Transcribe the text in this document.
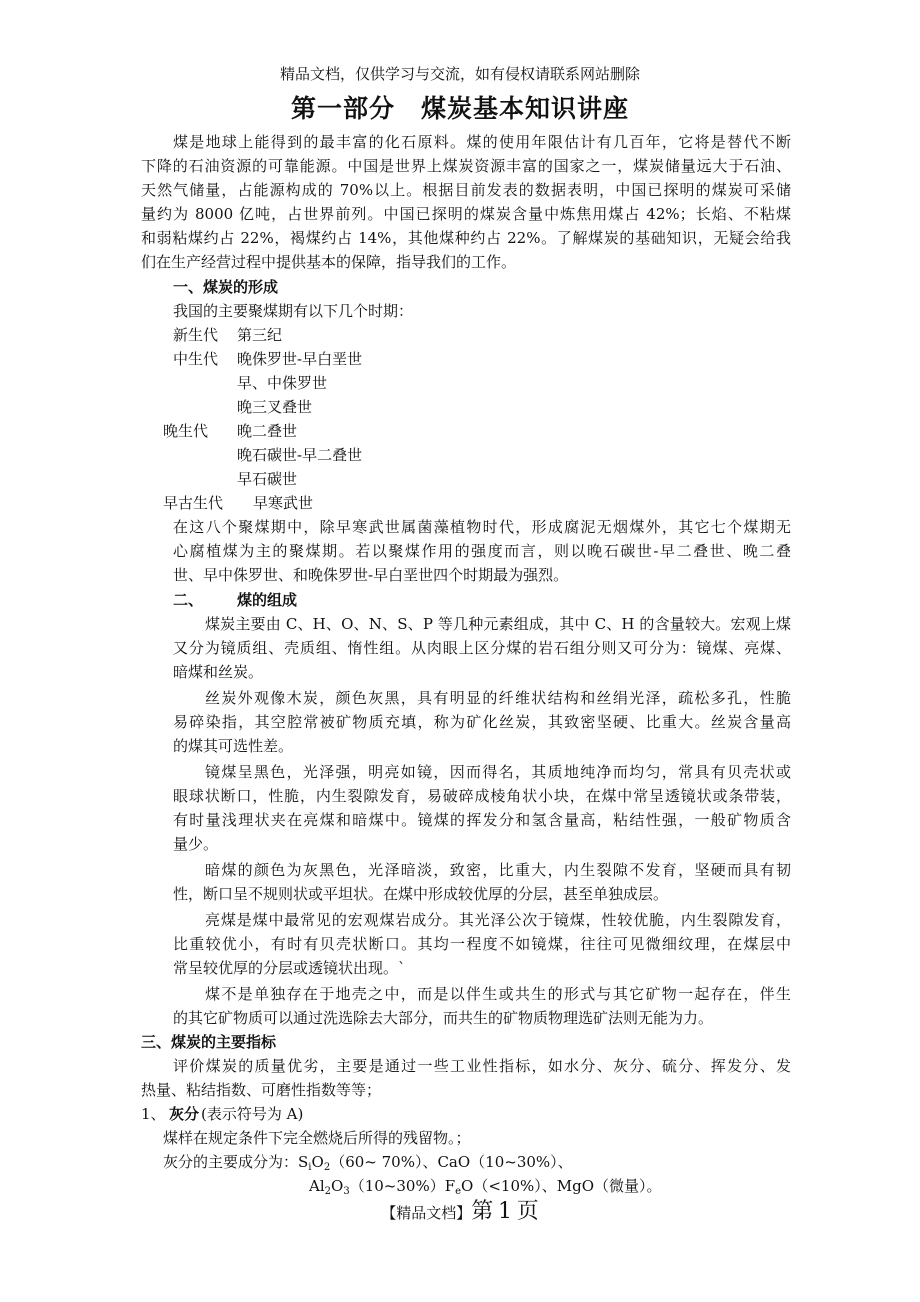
精品文档，仅供学习与交流，如有侵权请联系网站删除
第一部分　煤炭基本知识讲座
煤是地球上能得到的最丰富的化石原料。煤的使用年限估计有几百年，它将是替代不断
下降的石油资源的可靠能源。中国是世界上煤炭资源丰富的国家之一，煤炭储量远大于石油、
天然气储量，占能源构成的 70%以上。根据目前发表的数据表明，中国已探明的煤炭可采储
量约为 8000 亿吨，占世界前列。中国已探明的煤炭含量中炼焦用煤占 42%；长焰、不粘煤
和弱粘煤约占 22%，褐煤约占 14%，其他煤种约占 22%。了解煤炭的基础知识，无疑会给我
们在生产经营过程中提供基本的保障，指导我们的工作。
一、煤炭的形成
我国的主要聚煤期有以下几个时期：
新生代 第三纪
中生代 晚侏罗世-早白垩世
早、中侏罗世
晚三叉叠世
晚生代 晚二叠世
晚石碳世-早二叠世
早石碳世
早古生代 早寒武世
在这八个聚煤期中，除早寒武世属菌藻植物时代，形成腐泥无烟煤外，其它七个煤期无
心腐植煤为主的聚煤期。若以聚煤作用的强度而言，则以晚石碳世-早二叠世、晚二叠
世、早中侏罗世、和晚侏罗世-早白垩世四个时期最为强烈。
二、 煤的组成
煤炭主要由 C、H、O、N、S、P 等几种元素组成，其中 C、H 的含量较大。宏观上煤
又分为镜质组、壳质组、惰性组。从肉眼上区分煤的岩石组分则又可分为：镜煤、亮煤、
暗煤和丝炭。
丝炭外观像木炭，颜色灰黑，具有明显的纤维状结构和丝绢光泽，疏松多孔，性脆
易碎染指，其空腔常被矿物质充填，称为矿化丝炭，其致密坚硬、比重大。丝炭含量高
的煤其可选性差。
镜煤呈黑色，光泽强，明亮如镜，因而得名，其质地纯净而均匀，常具有贝壳状或
眼球状断口，性脆，内生裂隙发育，易破碎成棱角状小块，在煤中常呈透镜状或条带装，
有时量浅理状夹在亮煤和暗煤中。镜煤的挥发分和氢含量高，粘结性强，一般矿物质含
量少。
暗煤的颜色为灰黑色，光泽暗淡，致密，比重大，内生裂隙不发育，坚硬而具有韧
性，断口呈不规则状或平坦状。在煤中形成较优厚的分层，甚至单独成层。
亮煤是煤中最常见的宏观煤岩成分。其光泽公次于镜煤，性较优脆，内生裂隙发育，
比重较优小，有时有贝壳状断口。其均一程度不如镜煤，往往可见微细纹理，在煤层中
常呈较优厚的分层或透镜状出现。`
煤不是单独存在于地壳之中，而是以伴生或共生的形式与其它矿物一起存在，伴生
的其它矿物质可以通过洗选除去大部分，而共生的矿物质物理选矿法则无能为力。
三、煤炭的主要指标
评价煤炭的质量优劣，主要是通过一些工业性指标，如水分、灰分、硫分、挥发分、发
热量、粘结指数、可磨性指数等等；
1、 灰分 (表示符号为 A)
煤样在规定条件下完全燃烧后所得的残留物。；
灰分的主要成分为：$S_iO_2(60\sim$ 70%）、CaO（10~30%）、
$Al_2O_3(10\sim 30\%)F_eO(<10\%)$、MgO（微量）。
【精品文档】第 1 页
